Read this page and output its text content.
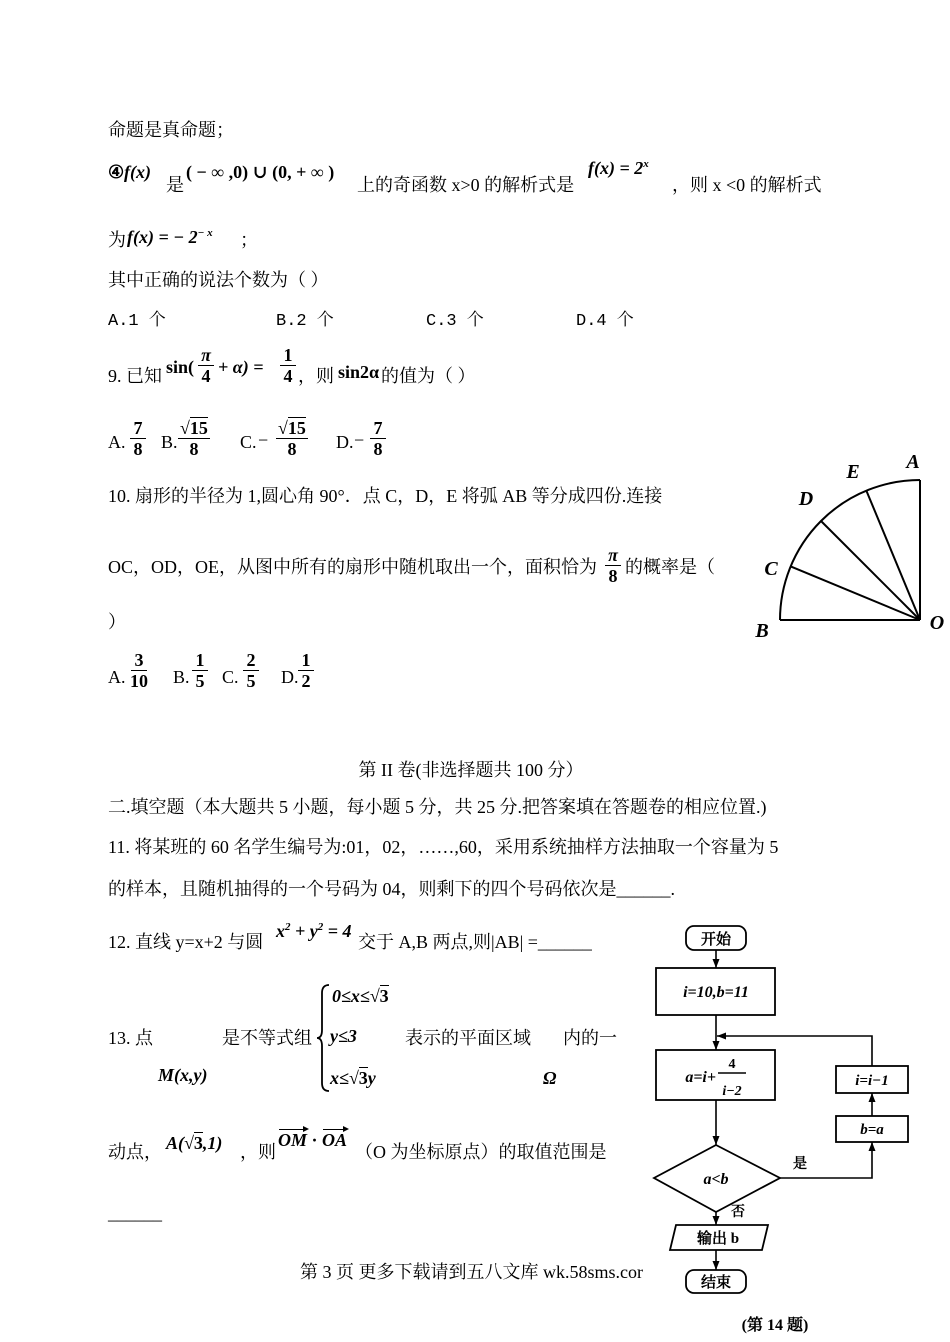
命题是真命题；
④ f(x)
是
( − ∞ ,0) ∪ (0, + ∞ )
上的奇函数 x>0 的解析式是
$f(x) = 2^x$
，则 x <0 的解析式
为 f(x) = − $2^{- x}$ ；
其中正确的说法个数为（ ）
A.1 个	B.2 个	C.3 个	D.4 个
9. 已知 $\sin( \frac{\pi}{4} + \alpha) = \frac{1}{4}$ ，则 sin2α 的值为（ ）
A. $\frac{7}{8} B$. $\frac{√15}{8} C$. − $\frac{√15}{8} D$. − $\frac{7}{8}$
10. 扇形的半径为 1,圆心角 90°．点 C，D，E 将弧 AB 等分成四份.连接
OC，OD，OE，从图中所有的扇形中随机取出一个，面积恰为 $\frac{\pi}{8}$ 的概率是（
）
A. $\frac{3}{10} B$. $\frac{1}{5} C$. $\frac{2}{5} D$. $\frac{1}{2}$
A
E
D
C
B	O
第 II 卷(非选择题共 100 分）
二.填空题（本大题共 5 小题，每小题 5 分，共 25 分.把答案填在答题卷的相应位置.)
11. 将某班的 60 名学生编号为:01，02，……,60，采用系统抽样方法抽取一个容量为 5
的样本，且随机抽得的一个号码为 04，则剩下的四个号码依次是______.
12. 直线 y=x+2 与圆
$x^2 + y^2 = 4$
交于 A,B 两点,则|AB| =______
13. 点
M(x,y)
是不等式组
0≤x≤√3
y≤3
x≤√3y
表示的平面区域
Ω
内的一
动点， A(√3,1) ，则
OM · OA
（O 为坐标原点）的取值范围是
______
第 3 页 更多下载请到五八文库 wk.58sms.cor
开始
i=10,b=11
a=i+
4
i−2
a<b
是
b=a
i=i−1
否
输出 b
结束
(第 14 题)
